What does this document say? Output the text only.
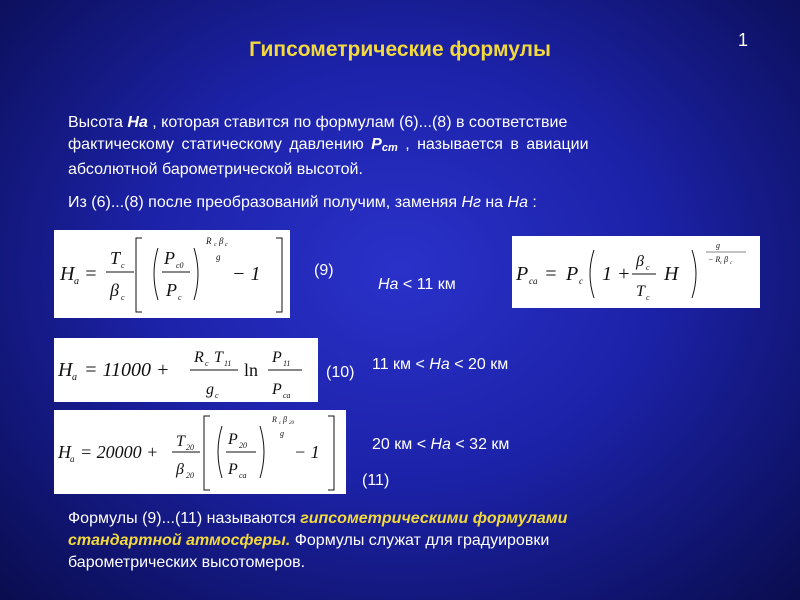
1
Гипсометрические формулы
Высота На , которая ставится по формулам (6)...(8) в соответствие
фактическому статическому давлению Рст , называется в авиации
абсолютной барометрической высотой.
Из (6)...(8) после преобразований получим, заменяя Нг на На :
H a =
T c
β c
P c0
P c
R c β c
g
− 1	(9)
На < 11 км	P ca = P c 1 +
β c
T c
H
g
− R c β c
H a = 11000 +
R c T 11
g c
ln
P 11
P ca
(10) 11 км < На < 20 км
H a = 20000 +
T 20
β 20
P 20
P ca
R c β 20
g
− 1	20 км < На < 32 км
(11)
Формулы (9)...(11) называются гипсометрическими формулами
стандартной атмосферы. Формулы служат для градуировки
барометрических высотомеров.
